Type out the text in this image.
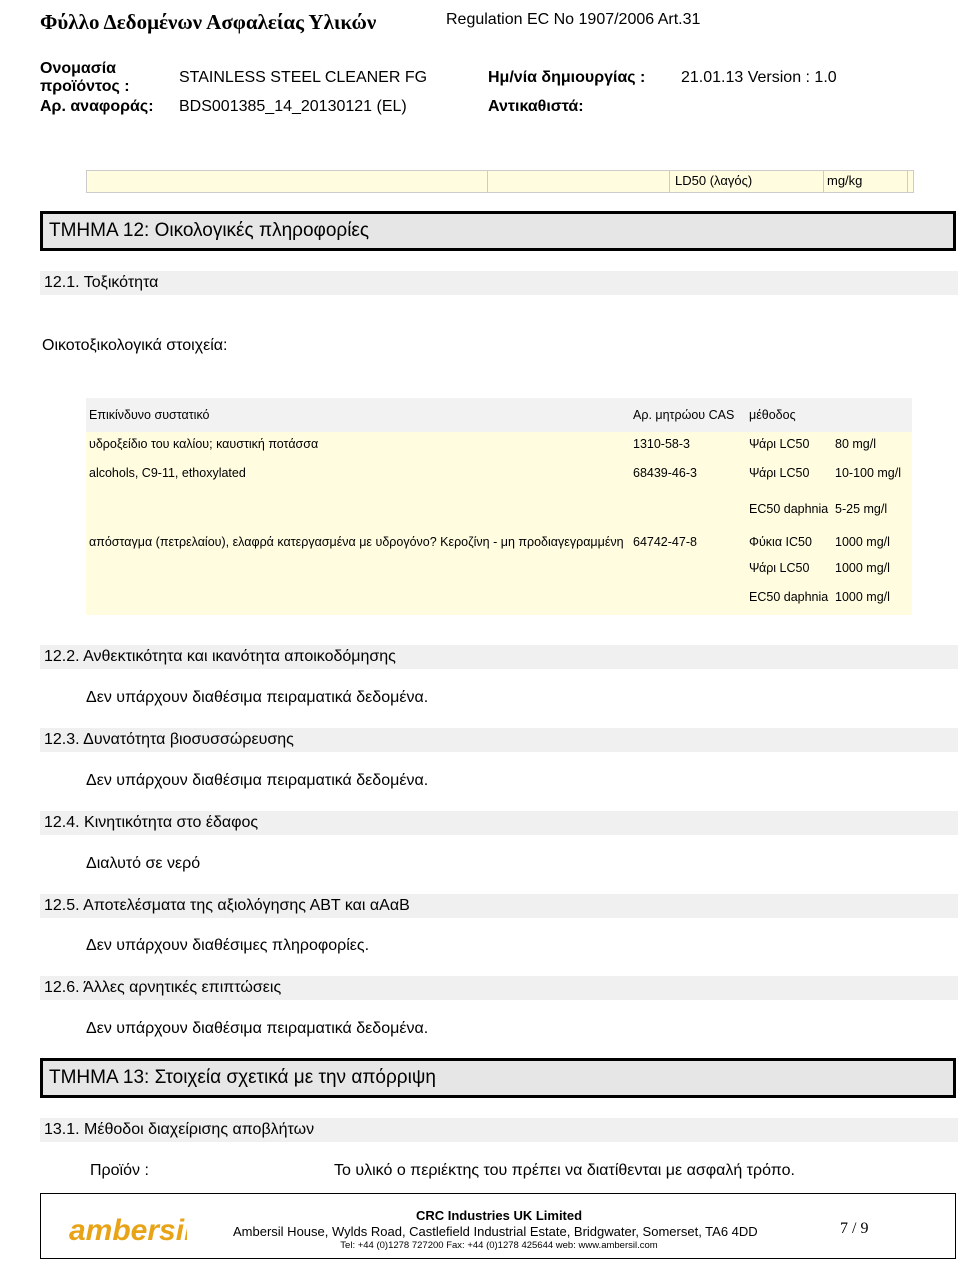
Φύλλο Δεδομένων Ασφαλείας Υλικών	Regulation EC No 1907/2006 Art.31
Ονομασία
προϊόντος :
STAINLESS STEEL CLEANER FG	Ημ/νία δημιουργίας : 21.01.13 Version : 1.0
Αρ. αναφοράς: BDS001385_14_20130121 (EL)	Αντικαθιστά:
LD50 (λαγός)	mg/kg
ΤΜΗΜΑ 12: Οικολογικές πληροφορίες
12.1. Τοξικότητα
Οικοτοξικολογικά στοιχεία:
Επικίνδυνο συστατικό	Αρ. μητρώου CAS	μέθοδος	
υδροξείδιο του καλίου; καυστική ποτάσσα	1310-58-3	Ψάρι LC50	80 mg/l
alcohols, C9-11, ethoxylated	68439-46-3	Ψάρι LC50	10-100 mg/l
		EC50 daphnia	5-25 mg/l
απόσταγμα (πετρελαίου), ελαφρά κατεργασμένα με υδρογόνο? Κεροζίνη - μη προδιαγεγραμμένη	64742-47-8	Φύκια IC50	1000 mg/l
		Ψάρι LC50	1000 mg/l
		EC50 daphnia	1000 mg/l
12.2. Ανθεκτικότητα και ικανότητα αποικοδόμησης
Δεν υπάρχουν διαθέσιμα πειραματικά δεδομένα.
12.3. Δυνατότητα βιοσυσσώρευσης
Δεν υπάρχουν διαθέσιμα πειραματικά δεδομένα.
12.4. Κινητικότητα στο έδαφος
Διαλυτό σε νερό
12.5. Αποτελέσματα της αξιολόγησης ΑΒΤ και αΑαΒ
Δεν υπάρχουν διαθέσιμες πληροφορίες.
12.6. Άλλες αρνητικές επιπτώσεις
Δεν υπάρχουν διαθέσιμα πειραματικά δεδομένα.
ΤΜΗΜΑ 13: Στοιχεία σχετικά με την απόρριψη
13.1. Μέθοδοι διαχείρισης αποβλήτων
Προϊόν :	Το υλικό ο περιέκτης του πρέπει να διατίθενται με ασφαλή τρόπο.
ambersil	CRC Industries UK Limited
Ambersil House, Wylds Road, Castlefield Industrial Estate, Bridgwater, Somerset, TA6 4DD
Tel: +44 (0)1278 727200 Fax: +44 (0)1278 425644 web: www.ambersil.com
7 / 9
